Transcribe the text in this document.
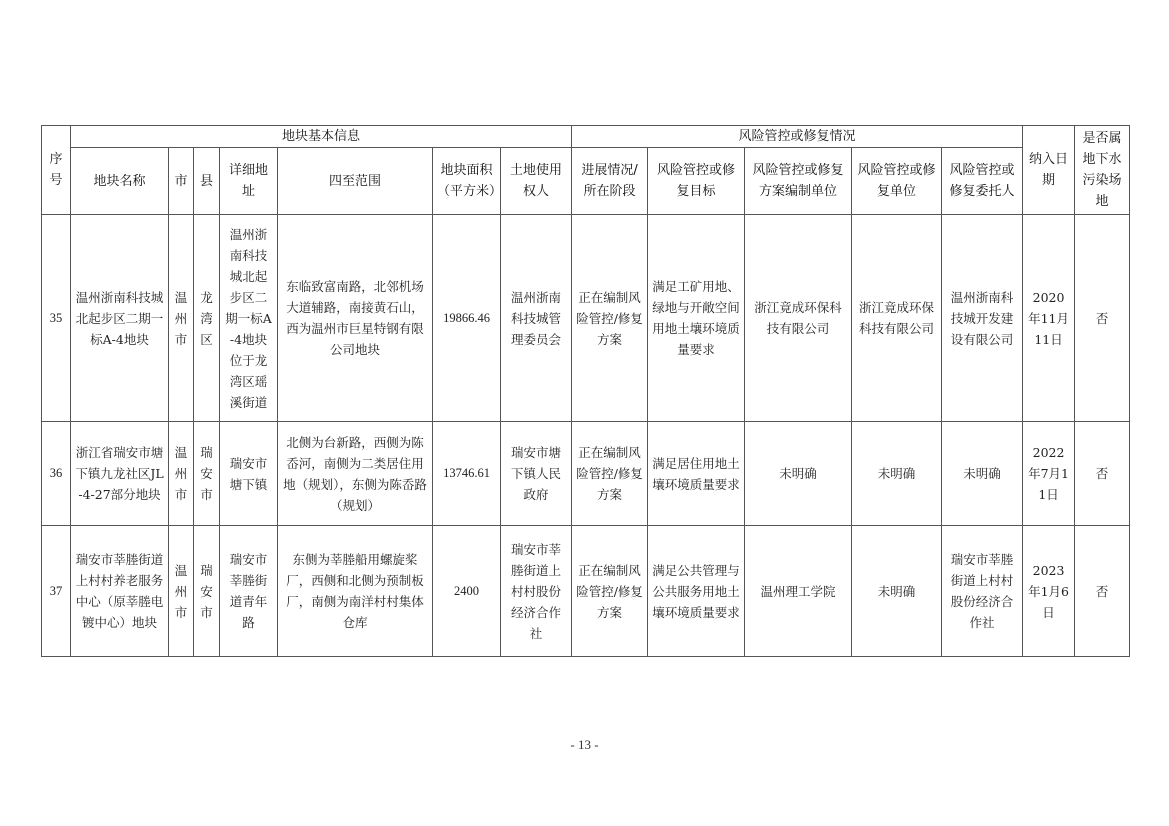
序号	地块基本信息							风险管控或修复情况					纳入日期	是否属地下水污染场地
	地块名称	市	县	详细地址	四至范围	地块面积（平方米）	土地使用权人	进展情况/所在阶段	风险管控或修复目标	风险管控或修复方案编制单位	风险管控或修复单位	风险管控或修复委托人		
35	温州浙南科技城北起步区二期一标A-4地块	温州市	龙湾区	温州浙南科技城北起步区二期一标A-4地块位于龙湾区瑶溪街道	东临致富南路，北邻机场大道辅路，南接黄石山，西为温州市巨星特钢有限公司地块	19866.46	温州浙南科技城管理委员会	正在编制风险管控/修复方案	满足工矿用地、绿地与开敞空间用地土壤环境质量要求	浙江竟成环保科技有限公司	浙江竟成环保科技有限公司	温州浙南科技城开发建设有限公司	2020年11月11日	否
36	浙江省瑞安市塘下镇九龙社区JL-4-27部分地块	温州市	瑞安市	瑞安市塘下镇	北侧为台新路，西侧为陈岙河，南侧为二类居住用地（规划），东侧为陈岙路（规划）	13746.61	瑞安市塘下镇人民政府	正在编制风险管控/修复方案	满足居住用地土壤环境质量要求	未明确	未明确	未明确	2022年7月11日	否
37	瑞安市莘塍街道上村村养老服务中心（原莘塍电镀中心）地块	温州市	瑞安市	瑞安市莘塍街道青年路	东侧为莘塍船用螺旋桨厂，西侧和北侧为预制板厂，南侧为南洋村村集体仓库	2400	瑞安市莘塍街道上村村股份经济合作社	正在编制风险管控/修复方案	满足公共管理与公共服务用地土壤环境质量要求	温州理工学院	未明确	瑞安市莘塍街道上村村股份经济合作社	2023年1月6日	否
- 13 -
